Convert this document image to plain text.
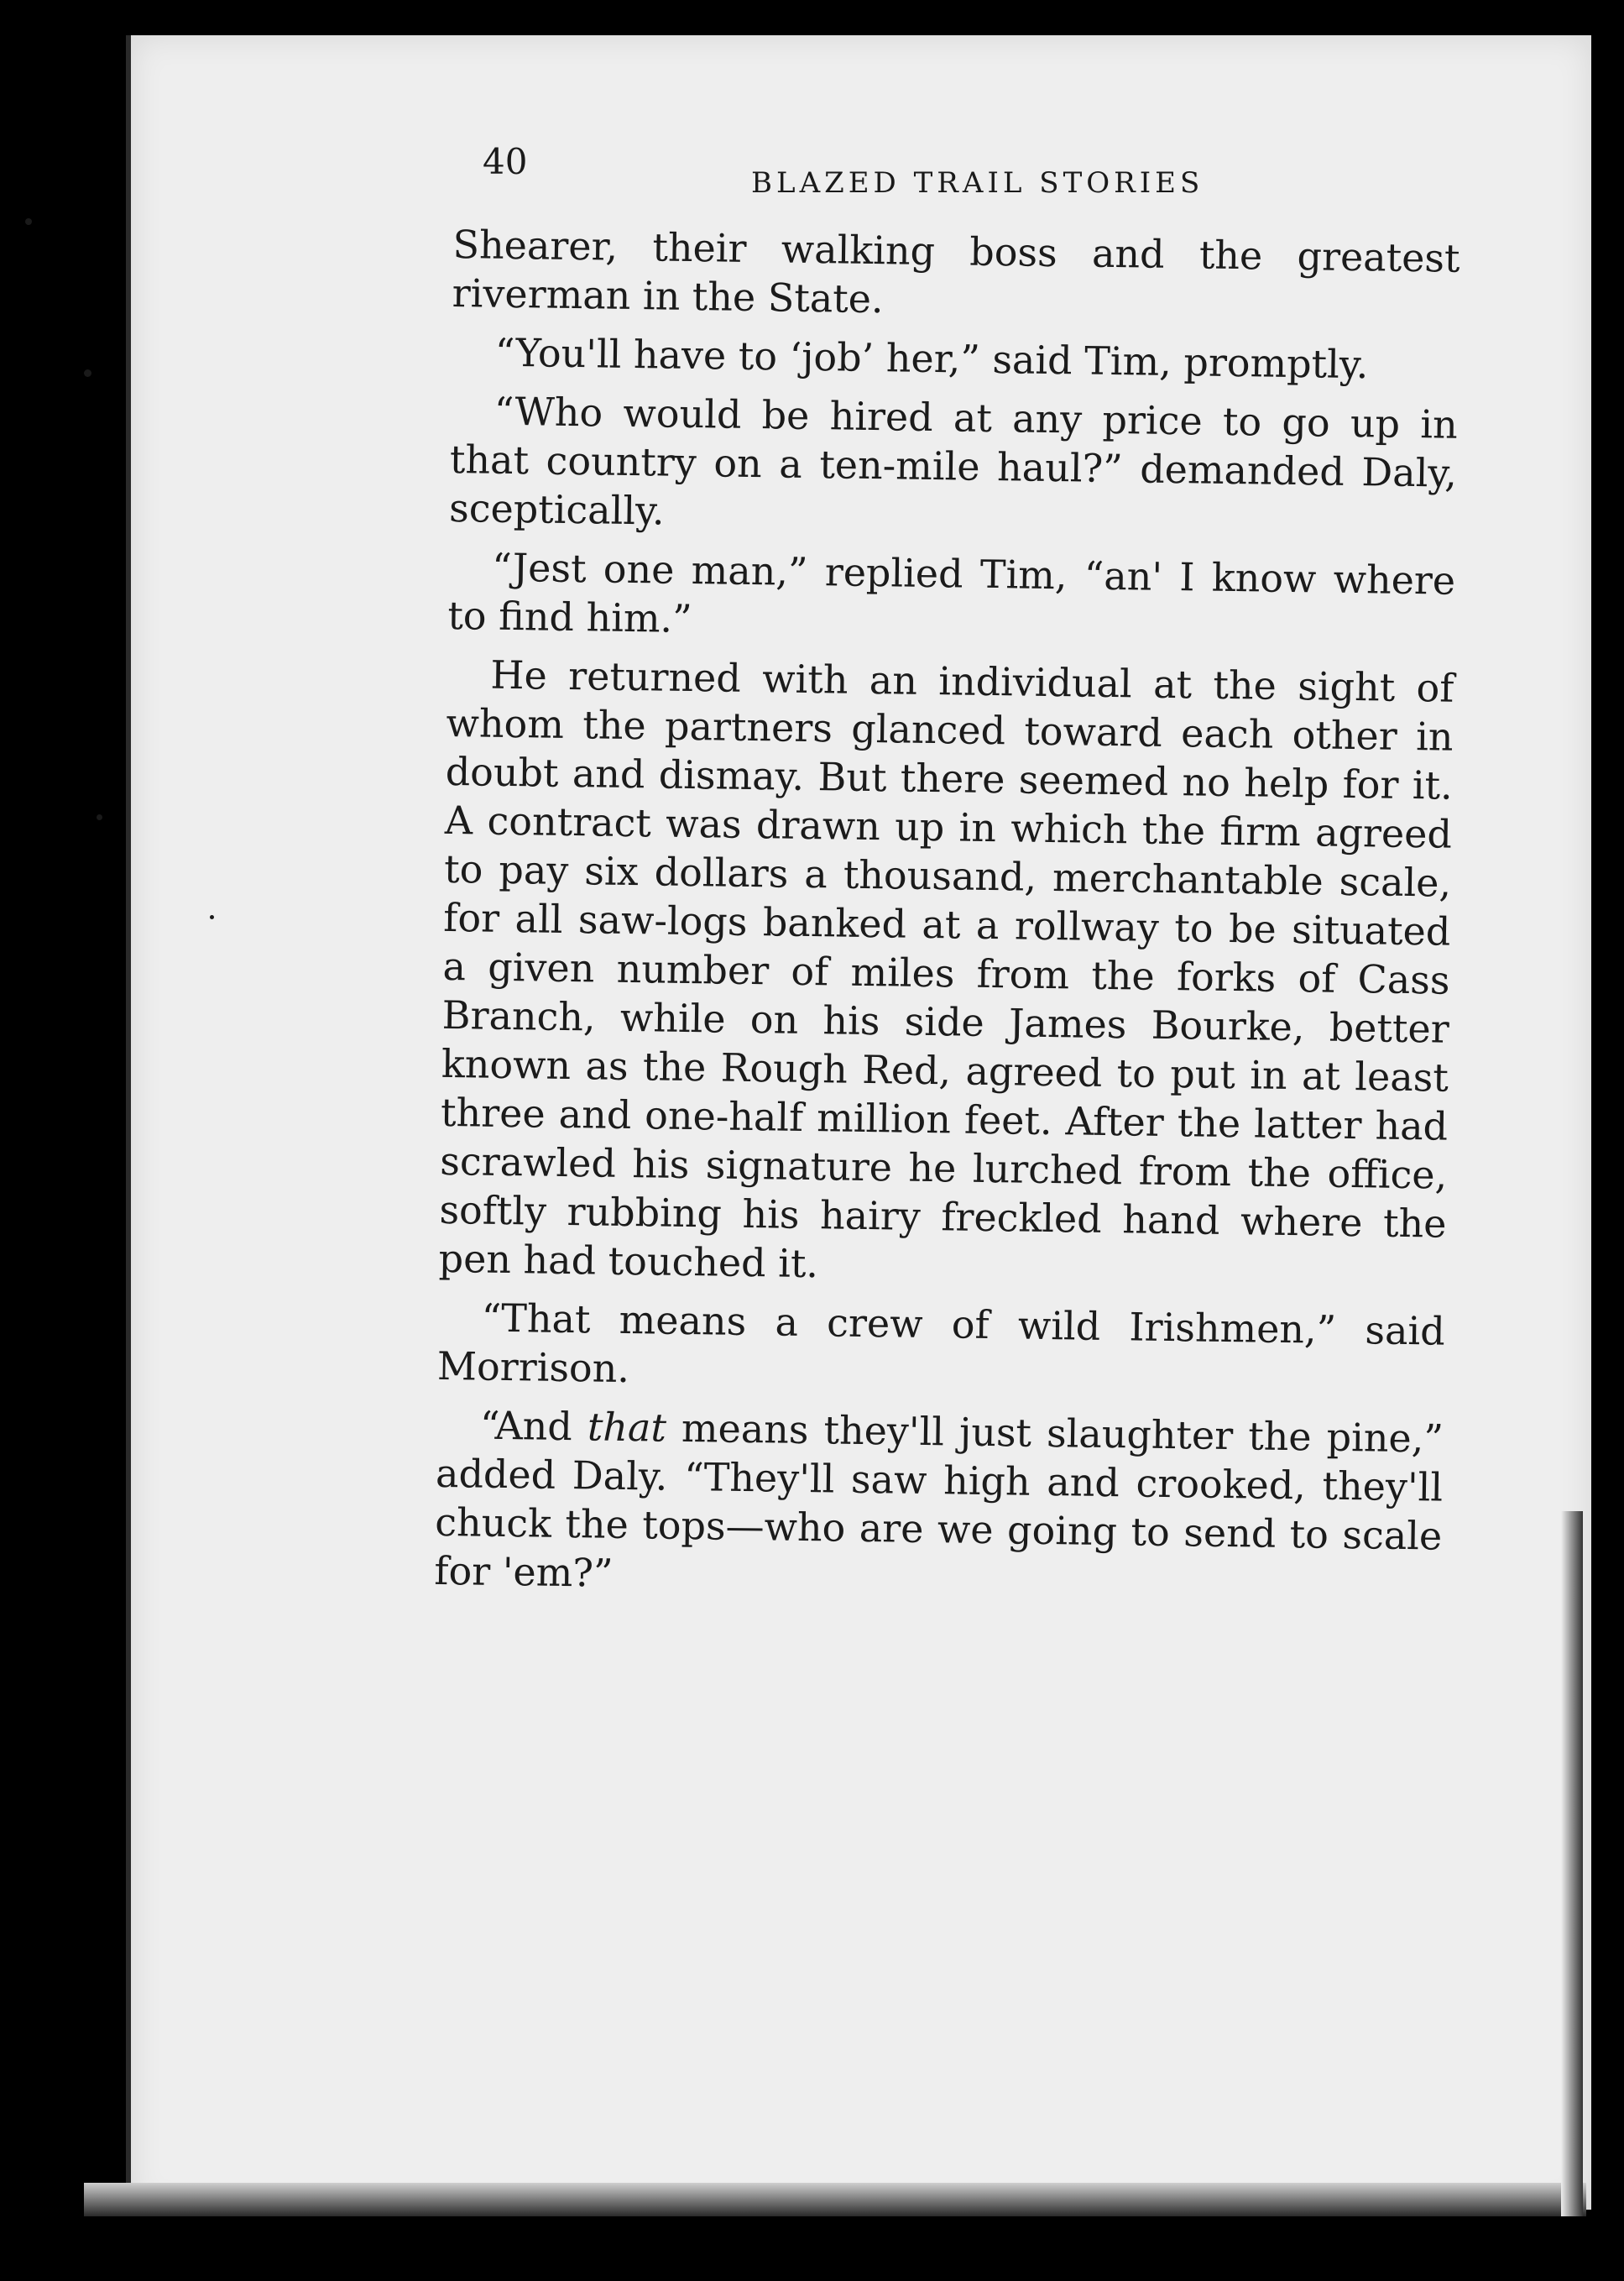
40
BLAZED TRAIL STORIES

Shearer, their walking boss and the greatest riverman in the State.

“You'll have to ‘job’ her,” said Tim, promptly.

“Who would be hired at any price to go up in that country on a ten-mile haul?” demanded Daly, sceptically.

“Jest one man,” replied Tim, “an' I know where to find him.”

He returned with an individual at the sight of whom the partners glanced toward each other in doubt and dismay. But there seemed no help for it. A contract was drawn up in which the firm agreed to pay six dollars a thousand, merchantable scale, for all saw-logs banked at a rollway to be situated a given number of miles from the forks of Cass Branch, while on his side James Bourke, better known as the Rough Red, agreed to put in at least three and one-half million feet. After the latter had scrawled his signature he lurched from the office, softly rubbing his hairy freckled hand where the pen had touched it.

“That means a crew of wild Irishmen,” said Morrison.

“And that means they'll just slaughter the pine,” added Daly. “They'll saw high and crooked, they'll chuck the tops—who are we going to send to scale for 'em?”
